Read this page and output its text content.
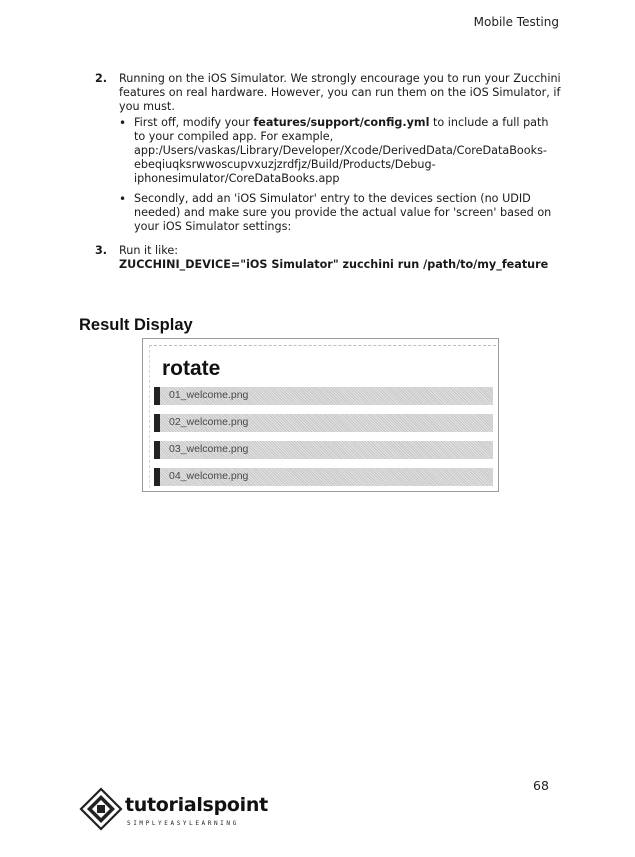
Mobile Testing
2. Running on the iOS Simulator. We strongly encourage you to run your Zucchini features on real hardware. However, you can run them on the iOS Simulator, if you must.

• First off, modify your features/support/config.yml to include a full path to your compiled app. For example,

app:/Users/vaskas/Library/Developer/Xcode/DerivedData/CoreDataBooks-ebeqiuqksrwwoscupvxuzjzrdfjz/Build/Products/Debug-iphonesimulator/CoreDataBooks.app

• Secondly, add an 'iOS Simulator' entry to the devices section (no UDID needed) and make sure you provide the actual value for 'screen' based on your iOS Simulator settings:

3. Run it like:

ZUCCHINI_DEVICE="iOS Simulator" zucchini run /path/to/my_feature

Result Display
rotate
01_welcome.png
02_welcome.png
03_welcome.png
04_welcome.png
68
tutorialspoint
SIMPLYEASYLEARNING
